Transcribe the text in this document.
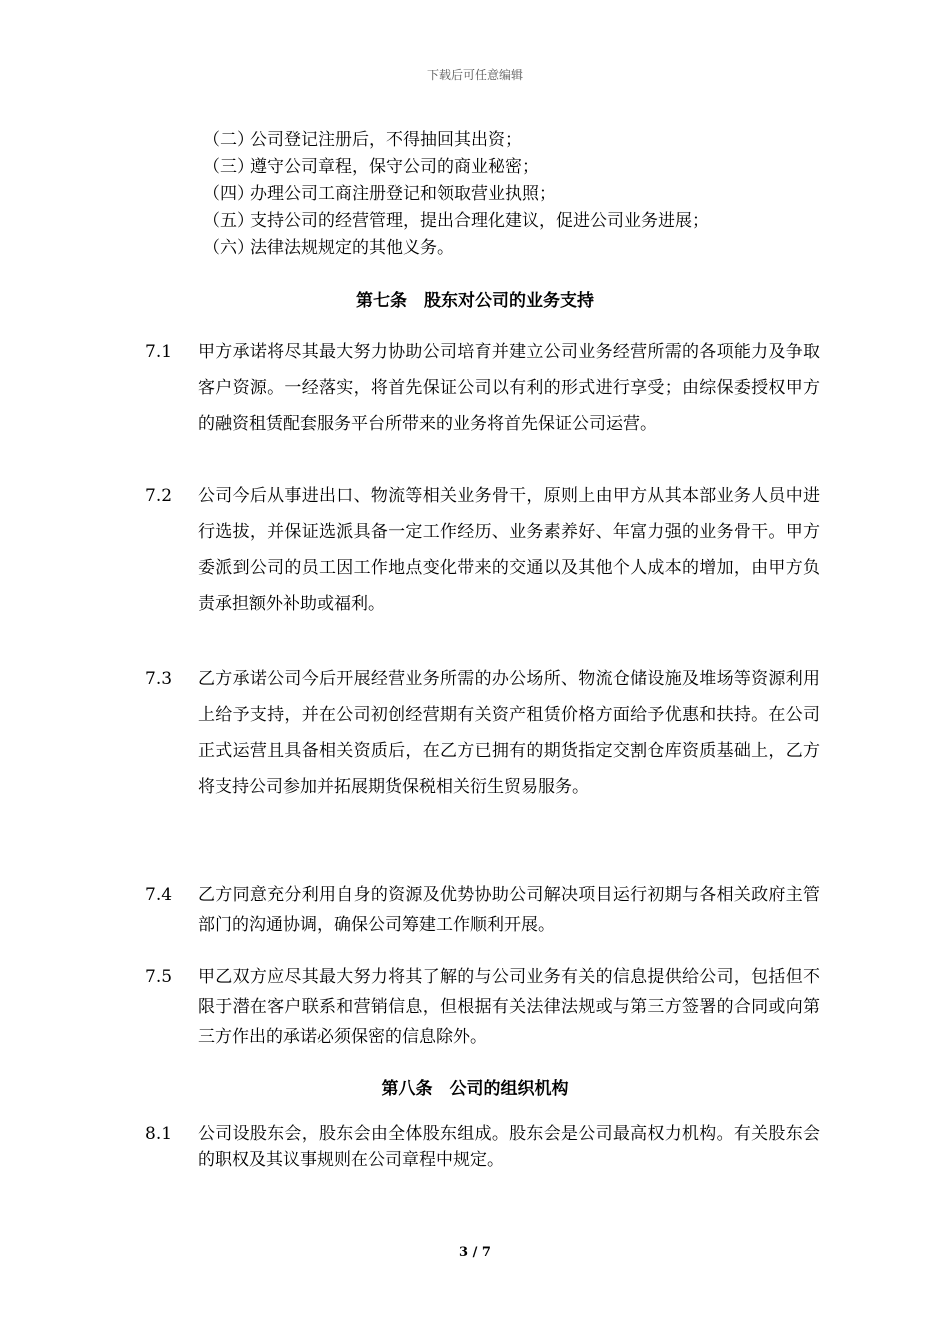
下载后可任意编辑
（二）
公司登记注册后，不得抽回其出资；
（三）
遵守公司章程，保守公司的商业秘密；
（四）
办理公司工商注册登记和领取营业执照；
（五）
支持公司的经营管理，提出合理化建议，促进公司业务进展；
（六）
法律法规规定的其他义务。
第七条　股东对公司的业务支持
7.1	甲方承诺将尽其最大努力协助公司培育并建立公司业务经营所需的各项能力及争取客户资源。一经落实，将首先保证公司以有利的形式进行享受；由综保委授权甲方的融资租赁配套服务平台所带来的业务将首先保证公司运营。
7.2	公司今后从事进出口、物流等相关业务骨干，原则上由甲方从其本部业务人员中进行选拔，并保证选派具备一定工作经历、业务素养好、年富力强的业务骨干。甲方委派到公司的员工因工作地点变化带来的交通以及其他个人成本的增加，由甲方负责承担额外补助或福利。
7.3	乙方承诺公司今后开展经营业务所需的办公场所、物流仓储设施及堆场等资源利用上给予支持，并在公司初创经营期有关资产租赁价格方面给予优惠和扶持。在公司正式运营且具备相关资质后，在乙方已拥有的期货指定交割仓库资质基础上，乙方将支持公司参加并拓展期货保税相关衍生贸易服务。
7.4	乙方同意充分利用自身的资源及优势协助公司解决项目运行初期与各相关政府主管部门的沟通协调，确保公司筹建工作顺利开展。
7.5	甲乙双方应尽其最大努力将其了解的与公司业务有关的信息提供给公司，包括但不限于潜在客户联系和营销信息，但根据有关法律法规或与第三方签署的合同或向第三方作出的承诺必须保密的信息除外。
第八条　公司的组织机构
8.1	公司设股东会，股东会由全体股东组成。股东会是公司最高权力机构。有关股东会的职权及其议事规则在公司章程中规定。
3 / 7
